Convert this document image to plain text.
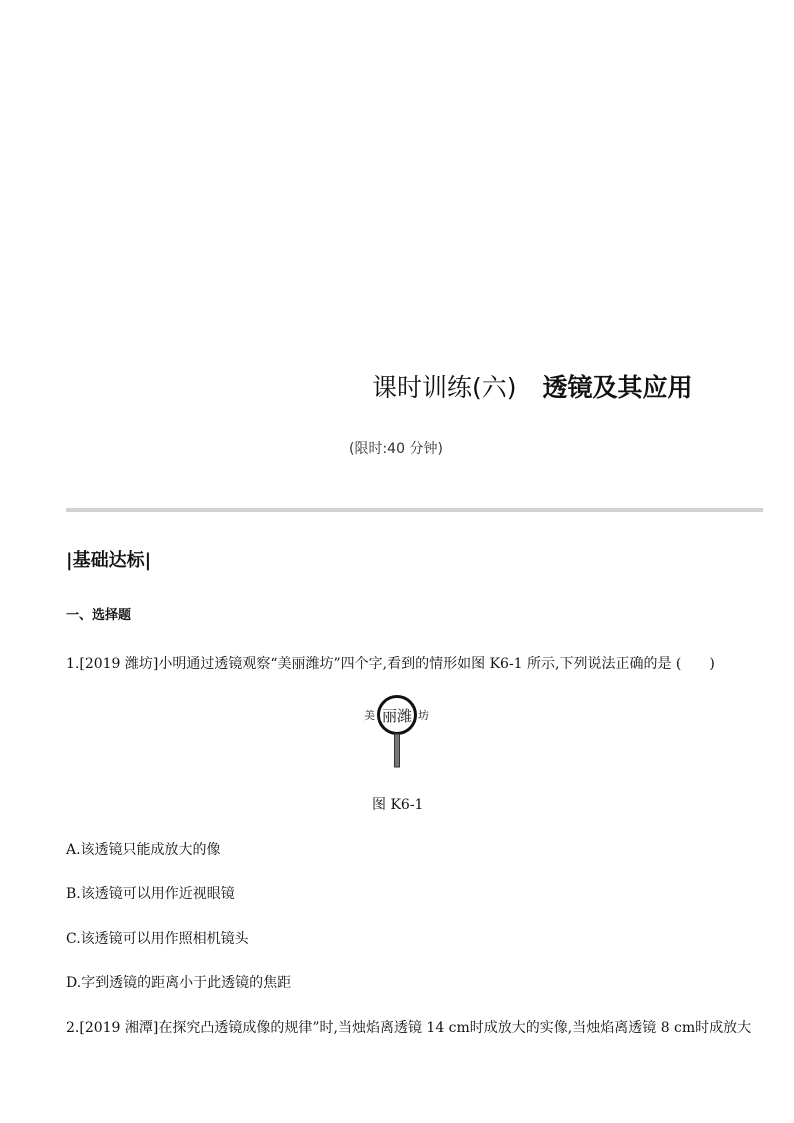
课时训练(六) 透镜及其应用
(限时:40 分钟)
|基础达标|
一、选择题
1.[2019 潍坊]小明通过透镜观察“美丽潍坊”四个字,看到的情形如图 K6-1 所示,下列说法正确的是 (　　)
美 丽潍 坊
图 K6-1
A.该透镜只能成放大的像
B.该透镜可以用作近视眼镜
C.该透镜可以用作照相机镜头
D.字到透镜的距离小于此透镜的焦距
2.[2019 湘潭]在探究凸透镜成像的规律”时,当烛焰离透镜 14 cm时成放大的实像,当烛焰离透镜 8 cm时成放大
